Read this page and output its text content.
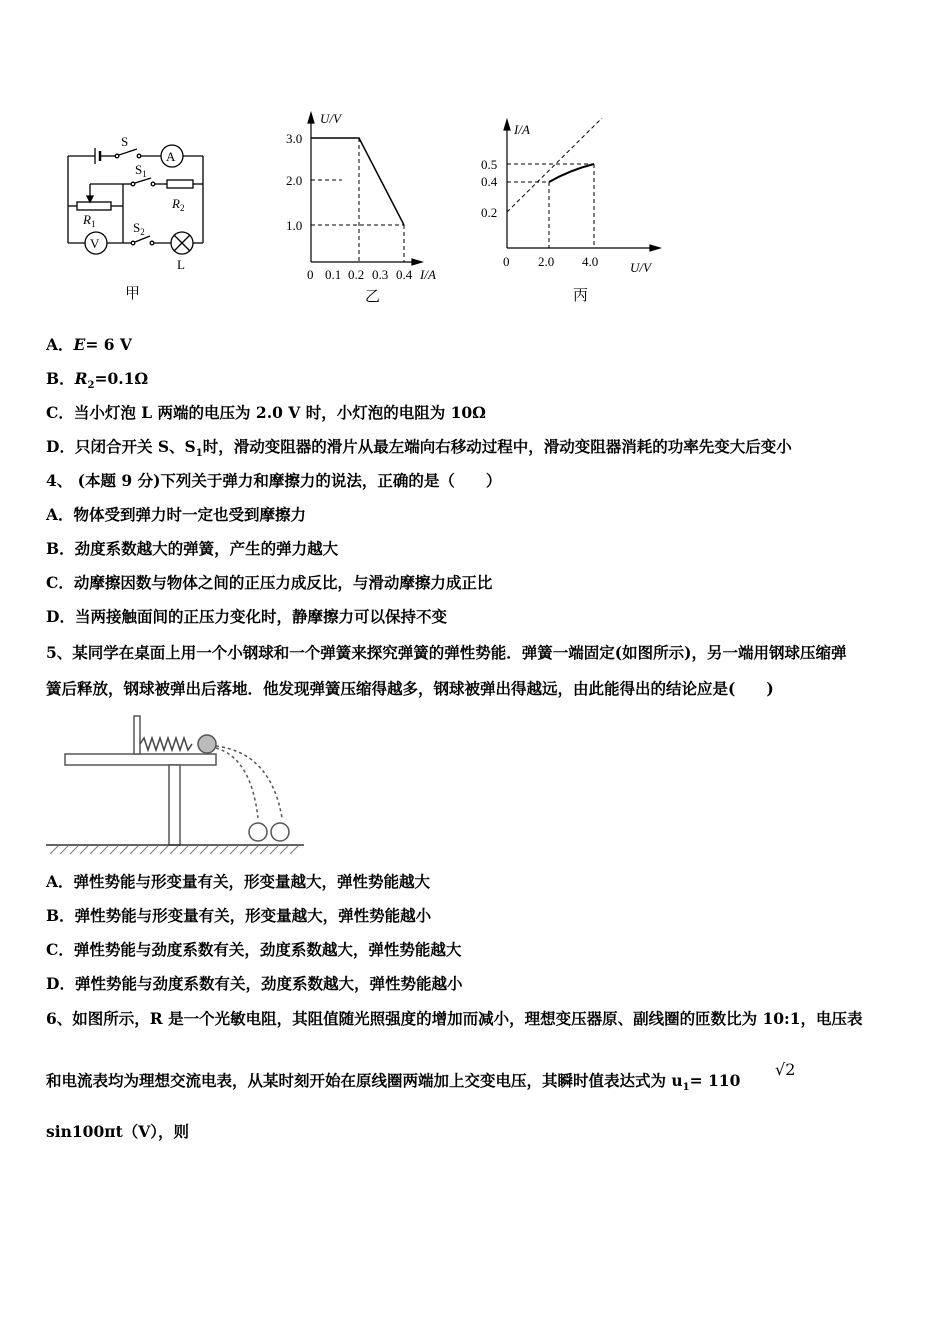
S
A
$S_1$
$R_2$
$R_1$	$S_2$
V
L
甲
U/V
3.0
2.0
1.0
0 0.1 0.2 0.3 0.4 I/A
乙
I/A
0.5
0.4
0.2
0 2.0 4.0 U/V
丙
A．E= 6 V
B．$R_2=0.1\Omega$
C．当小灯泡 L 两端的电压为 2.0 V 时，小灯泡的电阻为 10Ω
D．只闭合开关 S、$S_1$时，滑动变阻器的滑片从最左端向右移动过程中，滑动变阻器消耗的功率先变大后变小
4、 (本题 9 分)下列关于弹力和摩擦力的说法，正确的是（　　）
A．物体受到弹力时一定也受到摩擦力
B．劲度系数越大的弹簧，产生的弹力越大
C．动摩擦因数与物体之间的正压力成反比，与滑动摩擦力成正比
D．当两接触面间的正压力变化时，静摩擦力可以保持不变
5、某同学在桌面上用一个小钢球和一个弹簧来探究弹簧的弹性势能．弹簧一端固定(如图所示)，另一端用钢球压缩弹
簧后释放，钢球被弹出后落地．他发现弹簧压缩得越多，钢球被弹出得越远，由此能得出的结论应是(　　)
A．弹性势能与形变量有关，形变量越大，弹性势能越大
B．弹性势能与形变量有关，形变量越大，弹性势能越小
C．弹性势能与劲度系数有关，劲度系数越大，弹性势能越大
D．弹性势能与劲度系数有关，劲度系数越大，弹性势能越小
6、如图所示，R 是一个光敏电阻，其阻值随光照强度的增加而减小，理想变压器原、副线圈的匝数比为 10:1，电压表
和电流表均为理想交流电表，从某时刻开始在原线圈两端加上交变电压，其瞬时值表达式为 $u_1= 110$
√2
sin100πt（V），则
